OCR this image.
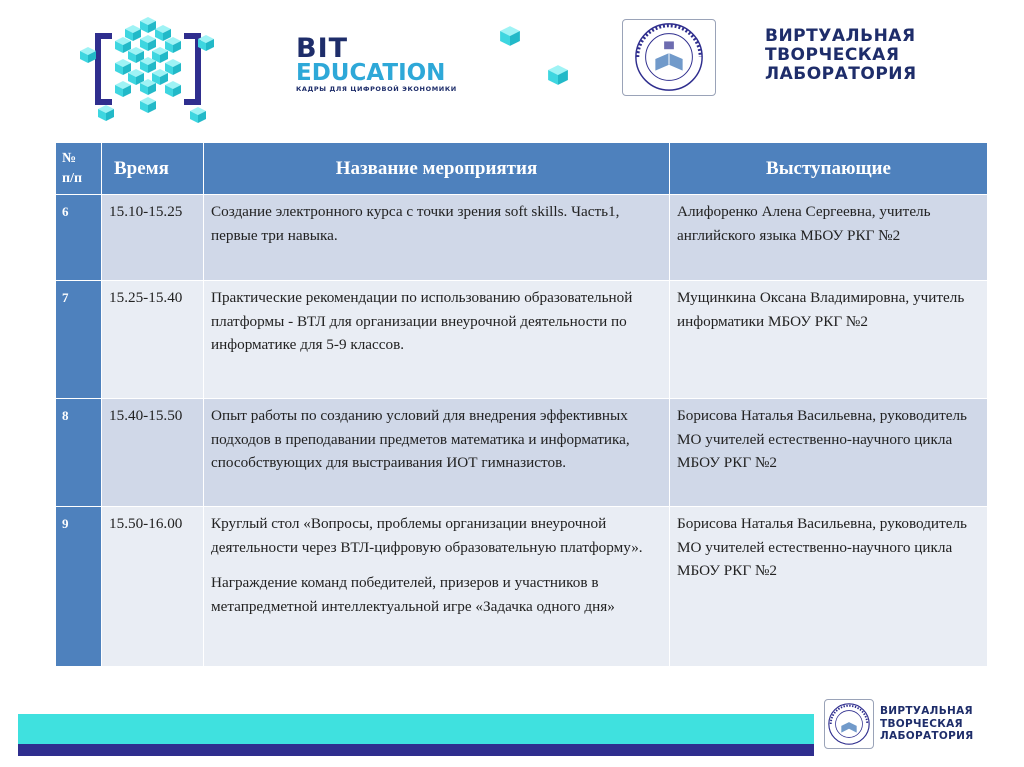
BIT
EDUCATION
КАДРЫ ДЛЯ ЦИФРОВОЙ ЭКОНОМИКИ
ВИРТУАЛЬНАЯ
ТВОРЧЕСКАЯ
ЛАБОРАТОРИЯ
№
п/п	Время	Название мероприятия	Выступающие
6	15.10-15.25	Создание электронного курса с точки зрения soft skills. Часть1, первые три навыка.	Алифоренко Алена Сергеевна, учитель английского языка МБОУ РКГ №2
7	15.25-15.40	Практические рекомендации по использованию образовательной платформы - ВТЛ для организации внеурочной деятельности по информатике для 5-9 классов.	Мущинкина Оксана Владимировна, учитель информатики МБОУ РКГ №2
8	15.40-15.50	Опыт работы по созданию условий для внедрения эффективных подходов в преподавании предметов математика и информатика, способствующих для выстраивания ИОТ гимназистов.	Борисова Наталья Васильевна, руководитель МО учителей естественно-научного цикла МБОУ РКГ №2
9	15.50-16.00	Круглый стол «Вопросы, проблемы организации внеурочной деятельности через ВТЛ-цифровую образовательную платформу».
Награждение команд победителей, призеров и участников в метапредметной интеллектуальной игре «Задачка одного дня»	Борисова Наталья Васильевна, руководитель МО учителей естественно-научного цикла МБОУ РКГ №2
ВИРТУАЛЬНАЯ
ТВОРЧЕСКАЯ
ЛАБОРАТОРИЯ
